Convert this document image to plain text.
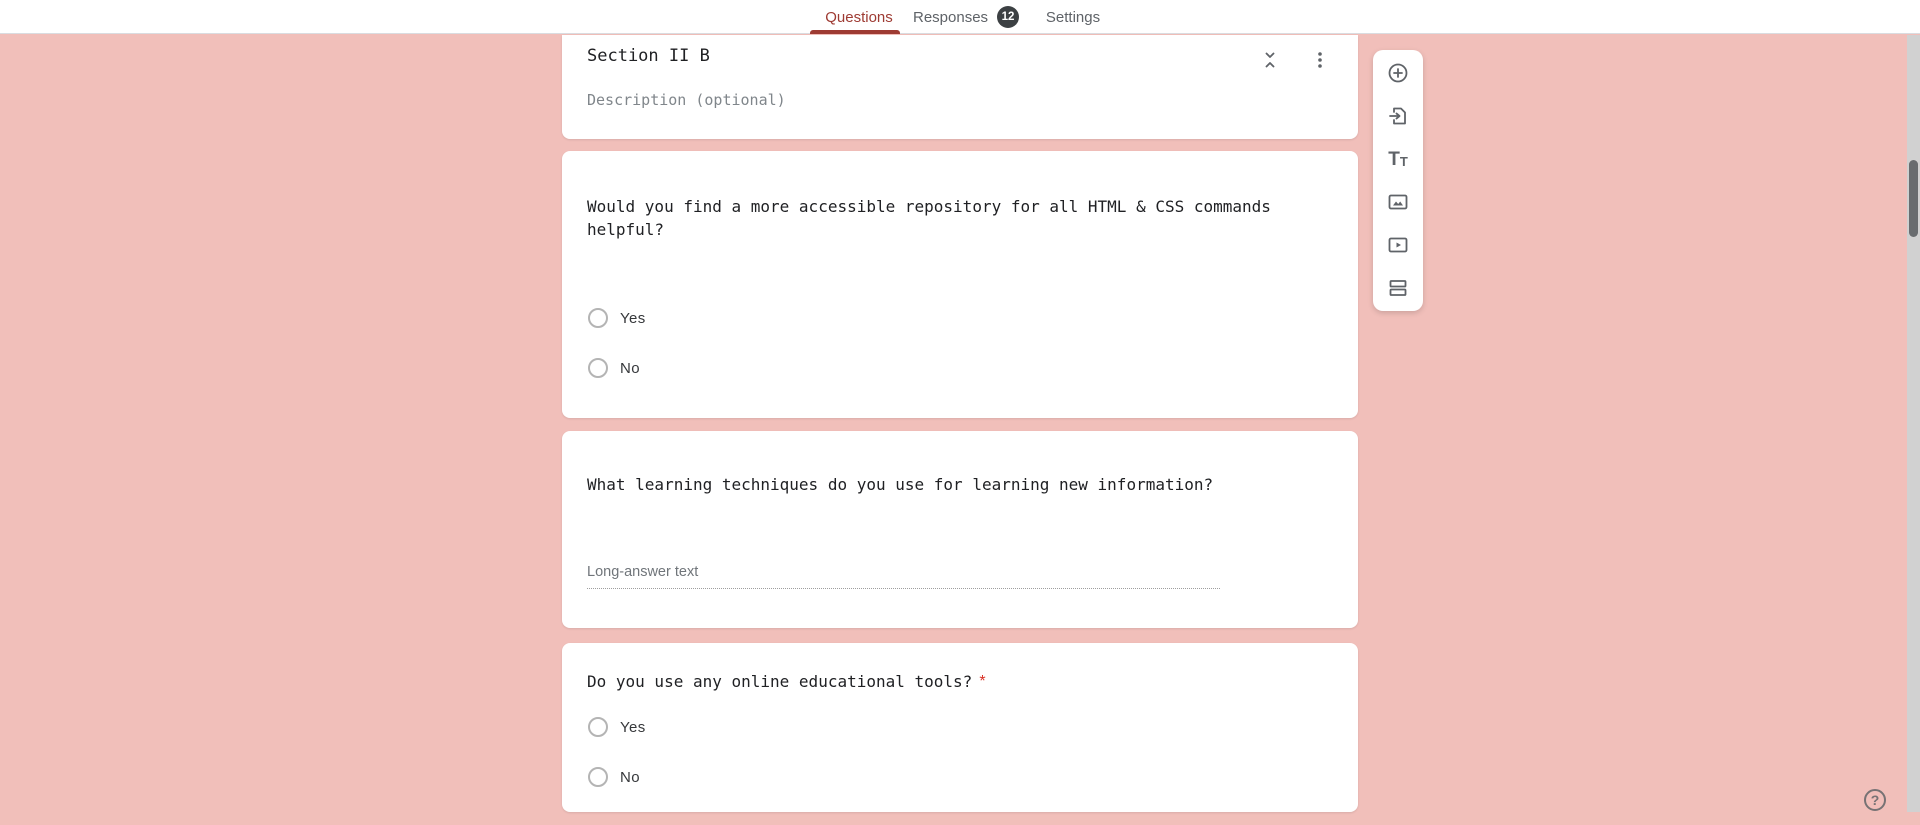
Questions Responses	12	Settings
Section II B
Description (optional)
Would you find a more accessible repository for all HTML & CSS commands helpful?
Yes
No
What learning techniques do you use for learning new information?
Long-answer text
Do you use any online educational tools? *
Yes
No
T T
?
